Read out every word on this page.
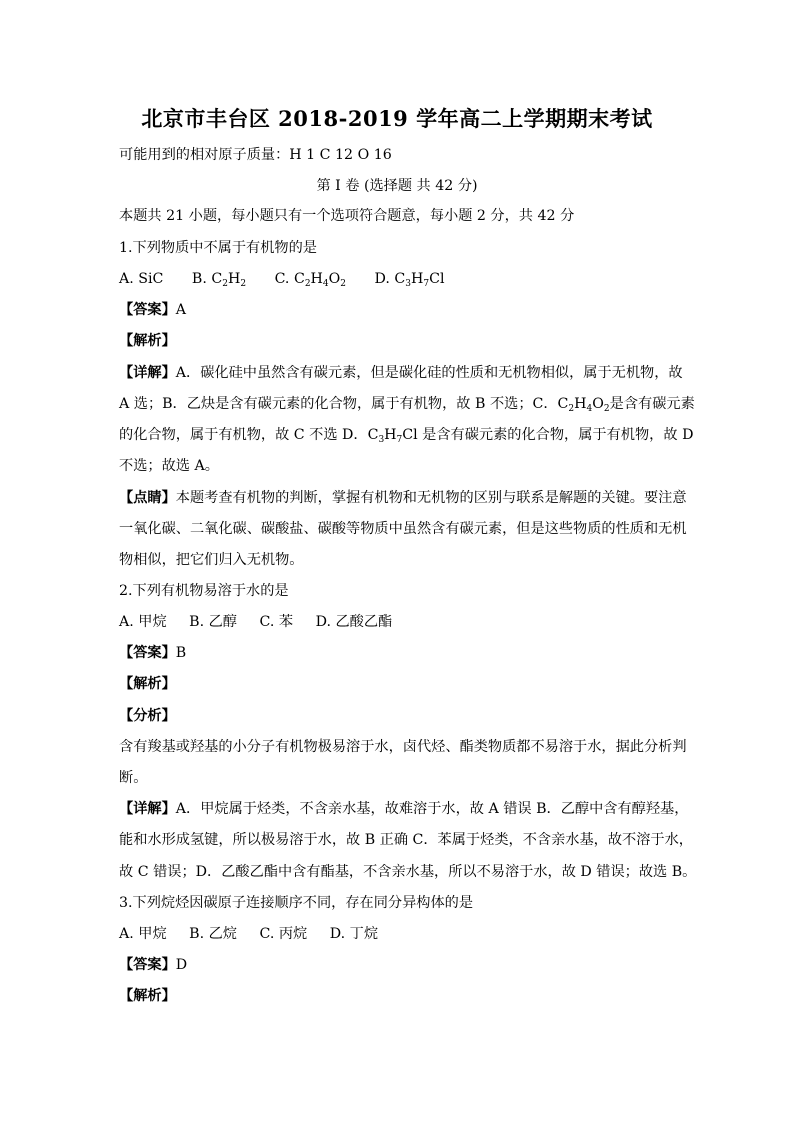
北京市丰台区 2018-2019 学年高二上学期期末考试
可能用到的相对原子质量：H 1 C 12 O 16
第 I 卷 (选择题 共 42 分)
本题共 21 小题，每小题只有一个选项符合题意，每小题 2 分，共 42 分
1.下列物质中不属于有机物的是
A. SiC B. $C_2H_2$ C. $C_2H_4O_2$ D. $C_3H_7Cl$
【答案】A
【解析】
【详解】A．碳化硅中虽然含有碳元素，但是碳化硅的性质和无机物相似，属于无机物，故
A 选；B．乙炔是含有碳元素的化合物，属于有机物，故 B 不选；C．$C_2H_4O_2$是含有碳元素
的化合物，属于有机物，故 C 不选 D．$C_3H_7Cl$ 是含有碳元素的化合物，属于有机物，故 D
不选；故选 A。
【点睛】本题考查有机物的判断，掌握有机物和无机物的区别与联系是解题的关键。要注意
一氧化碳、二氧化碳、碳酸盐、碳酸等物质中虽然含有碳元素，但是这些物质的性质和无机
物相似，把它们归入无机物。
2.下列有机物易溶于水的是
A. 甲烷 B. 乙醇 C. 苯 D. 乙酸乙酯
【答案】B
【解析】
【分析】
含有羧基或羟基的小分子有机物极易溶于水，卤代烃、酯类物质都不易溶于水，据此分析判
断。
【详解】A．甲烷属于烃类，不含亲水基，故难溶于水，故 A 错误 B．乙醇中含有醇羟基，
能和水形成氢键，所以极易溶于水，故 B 正确 C．苯属于烃类，不含亲水基，故不溶于水，
故 C 错误；D．乙酸乙酯中含有酯基，不含亲水基，所以不易溶于水，故 D 错误；故选 B。
3.下列烷烃因碳原子连接顺序不同，存在同分异构体的是
A. 甲烷 B. 乙烷 C. 丙烷 D. 丁烷
【答案】D
【解析】
